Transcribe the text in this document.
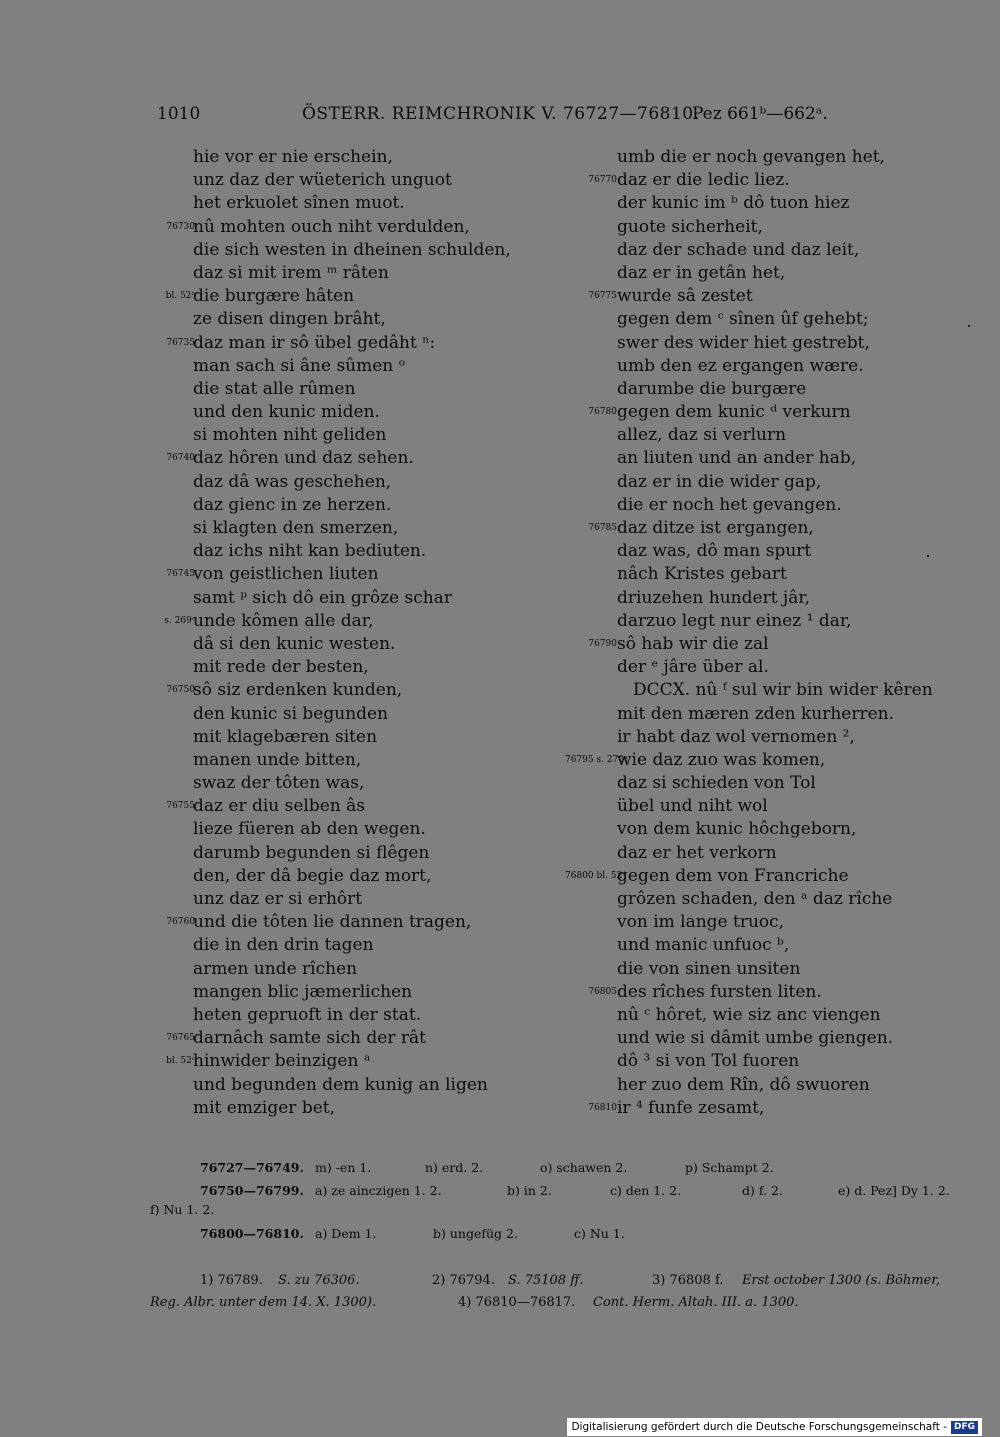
1010	ÖSTERR. REIMCHRONIK V. 76727—76810.
Pez 661ᵇ—662ᵃ.
hie vor er nie erschein,
unz daz der wüeterich unguot
het erkuolet sînen muot.
76730
nû mohten ouch niht verdulden,
die sich westen in dheinen schulden,
daz si mit irem ᵐ râten
bl. 52ᵇ
die burgære hâten
ze disen dingen brâht,
76735
daz man ir sô übel gedâht ⁿ:
man sach si âne sûmen ᵒ
die stat alle rûmen
und den kunic miden.
si mohten niht geliden
76740
daz hôren und daz sehen.
daz dâ was geschehen,
daz gienc in ze herzen.
si klagten den smerzen,
daz ichs niht kan bediuten.
76745
von geistlichen liuten
samt ᵖ sich dô ein grôze schar
s. 269ᶜ
unde kômen alle dar,
dâ si den kunic westen.
mit rede der besten,
76750
sô siz erdenken kunden,
den kunic si begunden
mit klagebæren siten
manen unde bitten,
swaz der tôten was,
76755
daz er diu selben âs
lieze füeren ab den wegen.
darumb begunden si flêgen
den, der dâ begie daz mort,
unz daz er si erhôrt
76760
und die tôten lie dannen tragen,
die in den drin tagen
armen unde rîchen
mangen blic jæmerlichen
heten gepruoft in der stat.
76765
darnâch samte sich der rât
bl. 52ᶜ
hinwider beinzigen ᵃ
und begunden dem kunig an ligen
mit emziger bet,
umb die er noch gevangen het,
76770 daz er die ledic liez.
der kunic im ᵇ dô tuon hiez
guote sicherheit,
daz der schade und daz leit,
daz er in getân het,
76775 wurde sâ zestet
gegen dem ᶜ sînen ûf gehebt;
swer des wider hiet gestrebt,
umb den ez ergangen wære.
darumbe die burgære
76780 gegen dem kunic ᵈ verkurn
allez, daz si verlurn
an liuten und an ander hab,
daz er in die wider gap,
die er noch het gevangen.
76785 daz ditze ist ergangen,
daz was, dô man spurt
nâch Kristes gebart
driuzehen hundert jâr,
darzuo legt nur einez ¹ dar,
76790 sô hab wir die zal
der ᵉ jâre über al.
DCCX. nû ᶠ sul wir bin wider kêren
mit den mæren zden kurherren.
ir habt daz wol vernomen ²,
76795 s. 270ᵃ
wie daz zuo was komen,
daz si schieden von Tol
übel und niht wol
von dem kunic hôchgeborn,
daz er het verkorn
76800 bl. 52ᵈ
gegen dem von Francriche
grôzen schaden, den ᵃ daz rîche
von im lange truoc,
und manic unfuoc ᵇ,
die von sinen unsiten
76805 des rîches fursten liten.
nû ᶜ hôret, wie siz anc viengen
und wie si dâmit umbe giengen.
dô ³ si von Tol fuoren
her zuo dem Rîn, dô swuoren
76810 ir ⁴ funfe zesamt,
76727—76749. m) -en 1.	n) erd. 2.	o) schawen 2.	p) Schampt 2.
76750—76799. a) ze ainczigen 1. 2.	b) in 2.	c) den 1. 2.	d) f. 2.	e) d. Pez] Dy 1. 2.
f) Nu 1. 2.
76800—76810. a) Dem 1.	b) ungefüg 2.	c) Nu 1.
1) 76789. S. zu 76306.	2) 76794. S. 75108 ff.	3) 76808 f. Erst october 1300 (s. Böhmer,
Reg. Albr. unter dem 14. X. 1300).	4) 76810—76817. Cont. Herm. Altah. III. a. 1300.
Digitalisierung gefördert durch die Deutsche Forschungsgemeinschaft - DFG
